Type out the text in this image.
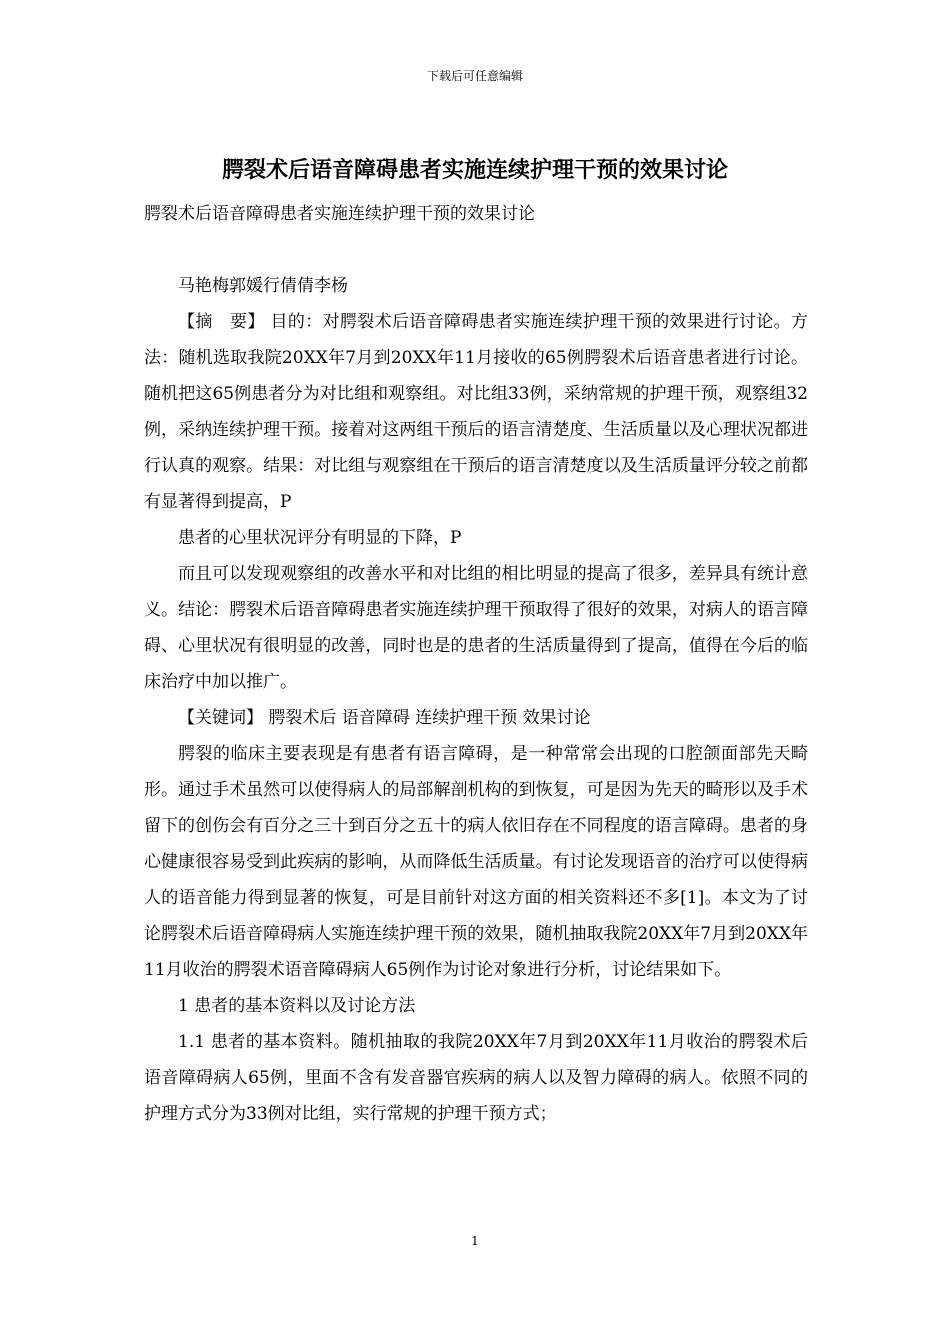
下载后可任意编辑
腭裂术后语音障碍患者实施连续护理干预的效果讨论

腭裂术后语音障碍患者实施连续护理干预的效果讨论

马艳梅郭媛行倩倩李杨

【摘　要】 目的：对腭裂术后语音障碍患者实施连续护理干预的效果进行讨论。方法：随机选取我院20XX年7月到20XX年11月接收的65例腭裂术后语音患者进行讨论。随机把这65例患者分为对比组和观察组。对比组33例，采纳常规的护理干预，观察组32例，采纳连续护理干预。接着对这两组干预后的语言清楚度、生活质量以及心理状况都进行认真的观察。结果：对比组与观察组在干预后的语言清楚度以及生活质量评分较之前都有显著得到提高，P

患者的心里状况评分有明显的下降，P

而且可以发现观察组的改善水平和对比组的相比明显的提高了很多，差异具有统计意义。结论：腭裂术后语音障碍患者实施连续护理干预取得了很好的效果，对病人的语言障碍、心里状况有很明显的改善，同时也是的患者的生活质量得到了提高，值得在今后的临床治疗中加以推广。

【关键词】 腭裂术后 语音障碍 连续护理干预 效果讨论

腭裂的临床主要表现是有患者有语言障碍，是一种常常会出现的口腔颌面部先天畸形。通过手术虽然可以使得病人的局部解剖机构的到恢复，可是因为先天的畸形以及手术留下的创伤会有百分之三十到百分之五十的病人依旧存在不同程度的语言障碍。患者的身心健康很容易受到此疾病的影响，从而降低生活质量。有讨论发现语音的治疗可以使得病人的语音能力得到显著的恢复，可是目前针对这方面的相关资料还不多[1]。本文为了讨论腭裂术后语音障碍病人实施连续护理干预的效果，随机抽取我院20XX年7月到20XX年11月收治的腭裂术语音障碍病人65例作为讨论对象进行分析，讨论结果如下。

1 患者的基本资料以及讨论方法

1.1 患者的基本资料。随机抽取的我院20XX年7月到20XX年11月收治的腭裂术后语音障碍病人65例，里面不含有发音器官疾病的病人以及智力障碍的病人。依照不同的护理方式分为33例对比组，实行常规的护理干预方式；

1
